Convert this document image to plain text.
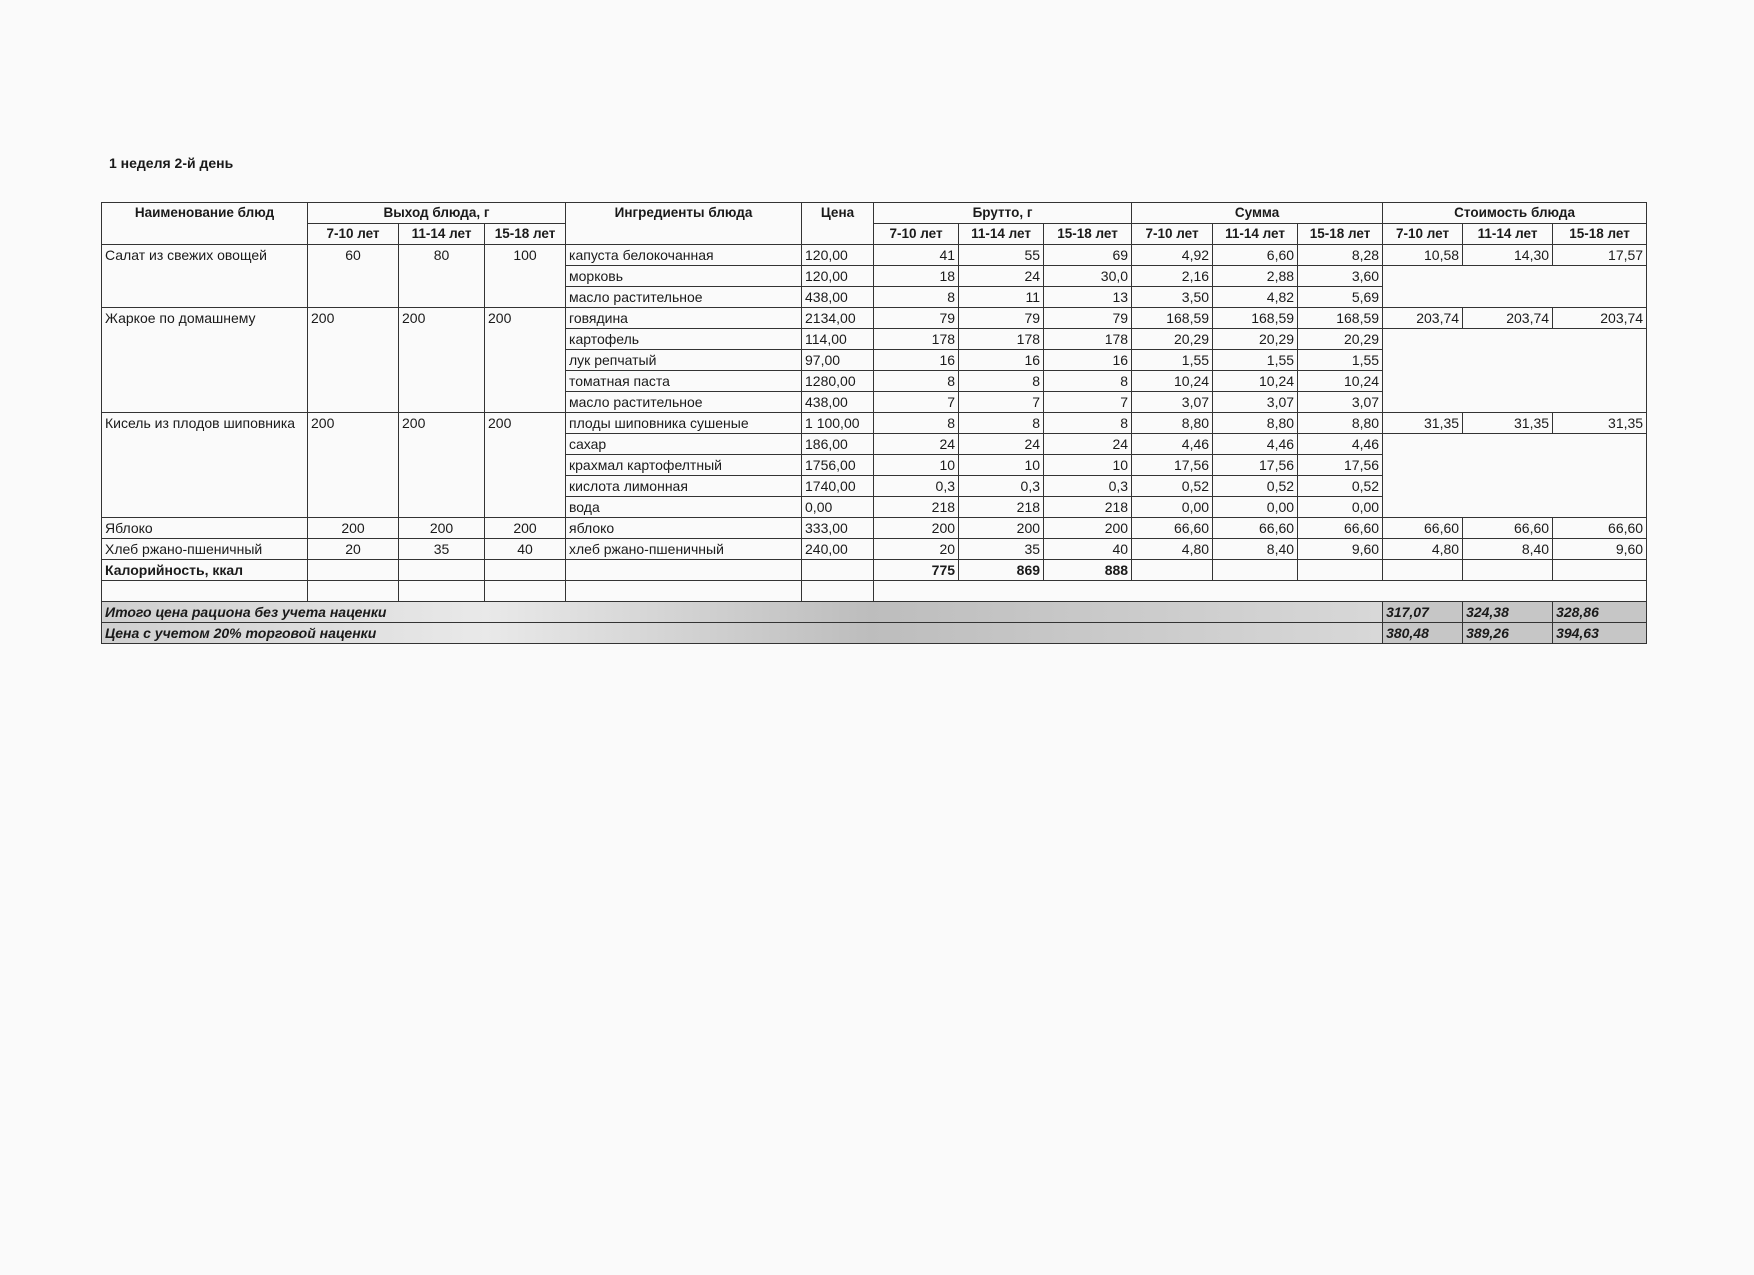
1 неделя 2-й день
Наименование блюд	Выход блюда, г			Ингредиенты блюда	Цена	Брутто, г			Сумма			Стоимость блюда		
	7-10 лет	11-14 лет	15-18 лет			7-10 лет	11-14 лет	15-18 лет	7-10 лет	11-14 лет	15-18 лет	7-10 лет	11-14 лет	15-18 лет
Салат из свежих овощей	60	80	100	капуста белокочанная	120,00	41	55	69	4,92	6,60	8,28	10,58	14,30	17,57
				морковь	120,00	18	24	30,0	2,16	2,88	3,60			
				масло растительное	438,00	8	11	13	3,50	4,82	5,69			
Жаркое по домашнему	200	200	200	говядина	2134,00	79	79	79	168,59	168,59	168,59	203,74	203,74	203,74
				картофель	114,00	178	178	178	20,29	20,29	20,29			
				лук репчатый	97,00	16	16	16	1,55	1,55	1,55			
				томатная паста	1280,00	8	8	8	10,24	10,24	10,24			
				масло растительное	438,00	7	7	7	3,07	3,07	3,07			
Кисель из плодов шиповника	200	200	200	плоды шиповника сушеные	1 100,00	8	8	8	8,80	8,80	8,80	31,35	31,35	31,35
				сахар	186,00	24	24	24	4,46	4,46	4,46			
				крахмал картофелтный	1756,00	10	10	10	17,56	17,56	17,56			
				кислота лимонная	1740,00	0,3	0,3	0,3	0,52	0,52	0,52			
				вода	0,00	218	218	218	0,00	0,00	0,00			
Яблоко	200	200	200	яблоко	333,00	200	200	200	66,60	66,60	66,60	66,60	66,60	66,60
Хлеб ржано-пшеничный	20	35	40	хлеб ржано-пшеничный	240,00	20	35	40	4,80	8,40	9,60	4,80	8,40	9,60
Калорийность, ккал						775	869	888						

Итого цена рациона без учета наценки												317,07	324,38	328,86
Цена с учетом 20% торговой наценки												380,48	389,26	394,63
